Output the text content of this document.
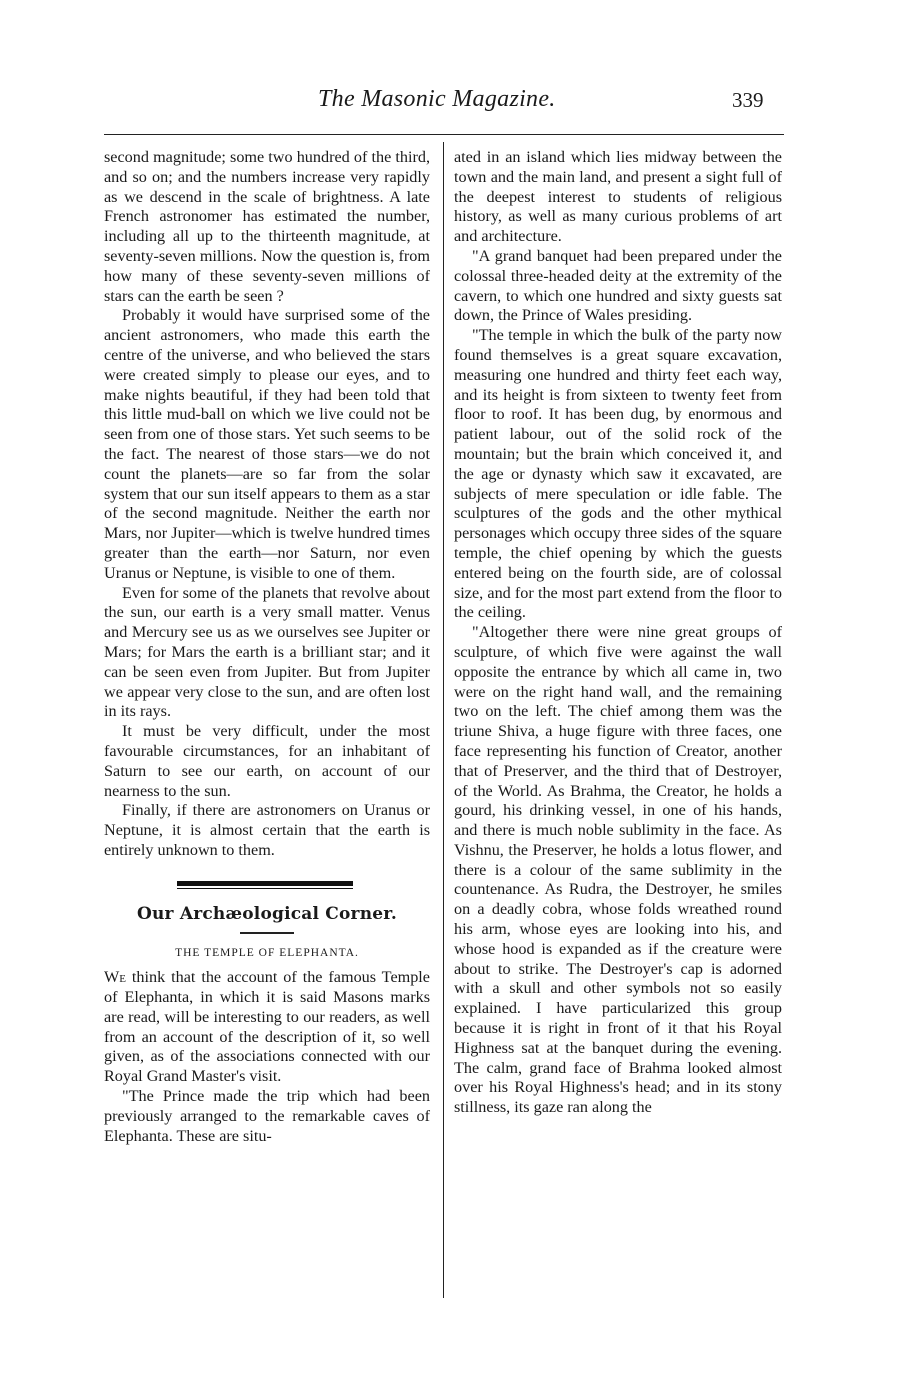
The Masonic Magazine.	339

second magnitude; some two hundred of the third, and so on; and the numbers increase very rapidly as we descend in the scale of brightness. A late French astronomer has estimated the number, including all up to the thirteenth magnitude, at seventy-seven millions. Now the question is, from how many of these seventy-seven millions of stars can the earth be seen ?

Probably it would have surprised some of the ancient astronomers, who made this earth the centre of the universe, and who believed the stars were created simply to please our eyes, and to make nights beautiful, if they had been told that this little mud-ball on which we live could not be seen from one of those stars. Yet such seems to be the fact. The nearest of those stars—we do not count the planets—are so far from the solar system that our sun itself appears to them as a star of the second magnitude. Neither the earth nor Mars, nor Jupiter—which is twelve hundred times greater than the earth—nor Saturn, nor even Uranus or Neptune, is visible to one of them.

Even for some of the planets that revolve about the sun, our earth is a very small matter. Venus and Mercury see us as we ourselves see Jupiter or Mars; for Mars the earth is a brilliant star; and it can be seen even from Jupiter. But from Jupiter we appear very close to the sun, and are often lost in its rays.

It must be very difficult, under the most favourable circumstances, for an inhabitant of Saturn to see our earth, on account of our nearness to the sun.

Finally, if there are astronomers on Uranus or Neptune, it is almost certain that the earth is entirely unknown to them.

Our Archæological Corner.
THE TEMPLE OF ELEPHANTA.

We think that the account of the famous Temple of Elephanta, in which it is said Masons marks are read, will be interesting to our readers, as well from an account of the description of it, so well given, as of the associations connected with our Royal Grand Master's visit.

"The Prince made the trip which had been previously arranged to the remarkable caves of Elephanta. These are situ-

ated in an island which lies midway between the town and the main land, and present a sight full of the deepest interest to students of religious history, as well as many curious problems of art and architecture.

"A grand banquet had been prepared under the colossal three-headed deity at the extremity of the cavern, to which one hundred and sixty guests sat down, the Prince of Wales presiding.

"The temple in which the bulk of the party now found themselves is a great square excavation, measuring one hundred and thirty feet each way, and its height is from sixteen to twenty feet from floor to roof. It has been dug, by enormous and patient labour, out of the solid rock of the mountain; but the brain which conceived it, and the age or dynasty which saw it excavated, are subjects of mere speculation or idle fable. The sculptures of the gods and the other mythical personages which occupy three sides of the square temple, the chief opening by which the guests entered being on the fourth side, are of colossal size, and for the most part extend from the floor to the ceiling.

"Altogether there were nine great groups of sculpture, of which five were against the wall opposite the entrance by which all came in, two were on the right hand wall, and the remaining two on the left. The chief among them was the triune Shiva, a huge figure with three faces, one face representing his function of Creator, another that of Preserver, and the third that of Destroyer, of the World. As Brahma, the Creator, he holds a gourd, his drinking vessel, in one of his hands, and there is much noble sublimity in the face. As Vishnu, the Preserver, he holds a lotus flower, and there is a colour of the same sublimity in the countenance. As Rudra, the Destroyer, he smiles on a deadly cobra, whose folds wreathed round his arm, whose eyes are looking into his, and whose hood is expanded as if the creature were about to strike. The Destroyer's cap is adorned with a skull and other symbols not so easily explained. I have particularized this group because it is right in front of it that his Royal Highness sat at the banquet during the evening. The calm, grand face of Brahma looked almost over his Royal Highness's head; and in its stony stillness, its gaze ran along the
